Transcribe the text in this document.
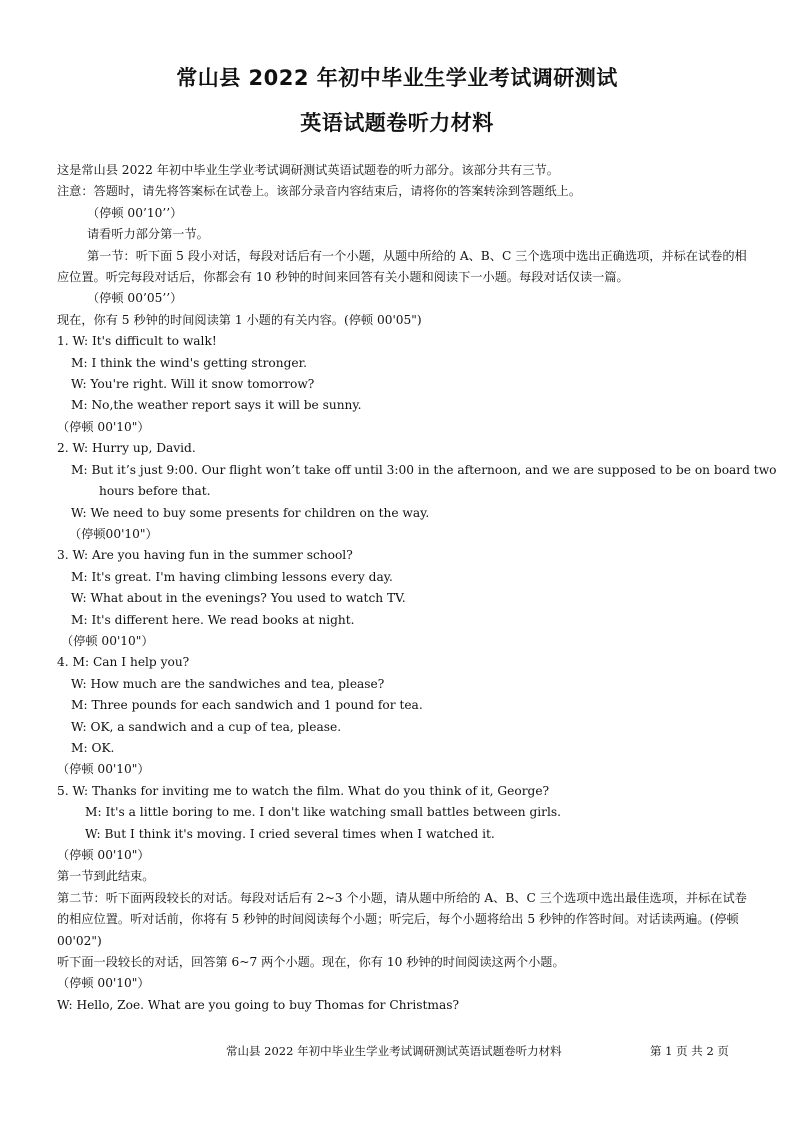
常山县 2022 年初中毕业生学业考试调研测试
英语试题卷听力材料

这是常山县 2022 年初中毕业生学业考试调研测试英语试题卷的听力部分。该部分共有三节。

注意：答题时，请先将答案标在试卷上。该部分录音内容结束后，请将你的答案转涂到答题纸上。

（停顿 00’10’’）

请看听力部分第一节。

第一节：听下面 5 段小对话，每段对话后有一个小题，从题中所给的 A、B、C 三个选项中选出正确选项，并标在试卷的相应位置。听完每段对话后，你都会有 10 秒钟的时间来回答有关小题和阅读下一小题。每段对话仅读一篇。

（停顿 00’05’’）

现在，你有 5 秒钟的时间阅读第 1 小题的有关内容。(停顿 00'05")

1. W: It's difficult to walk!

M: I think the wind's getting stronger.

W: You're right. Will it snow tomorrow?

M: No,the weather report says it will be sunny.

（停顿 00'10"）

2. W: Hurry up, David.

M: But it’s just 9:00. Our flight won’t take off until 3:00 in the afternoon, and we are supposed to be on board two

hours before that.

W: We need to buy some presents for children on the way.

（停顿00'10"）

3. W: Are you having fun in the summer school?

M: It's great. I'm having climbing lessons every day.

W: What about in the evenings? You used to watch TV.

M: It's different here. We read books at night.

（停顿 00'10"）

4. M: Can I help you?

W: How much are the sandwiches and tea, please?

M: Three pounds for each sandwich and 1 pound for tea.

W: OK, a sandwich and a cup of tea, please.

M: OK.

（停顿 00'10"）

5. W: Thanks for inviting me to watch the film. What do you think of it, George?

M: It's a little boring to me. I don't like watching small battles between girls.

W: But I think it's moving. I cried several times when I watched it.

（停顿 00'10"）

第一节到此结束。

第二节：听下面两段较长的对话。每段对话后有 2~3 个小题，请从题中所给的 A、B、C 三个选项中选出最佳选项，并标在试卷的相应位置。听对话前，你将有 5 秒钟的时间阅读每个小题；听完后，每个小题将给出 5 秒钟的作答时间。对话读两遍。(停顿 00'02")

听下面一段较长的对话，回答第 6~7 两个小题。现在，你有 10 秒钟的时间阅读这两个小题。

（停顿 00'10"）

W: Hello, Zoe. What are you going to buy Thomas for Christmas?

常山县 2022 年初中毕业生学业考试调研测试英语试题卷听力材料	第 1 页 共 2 页
